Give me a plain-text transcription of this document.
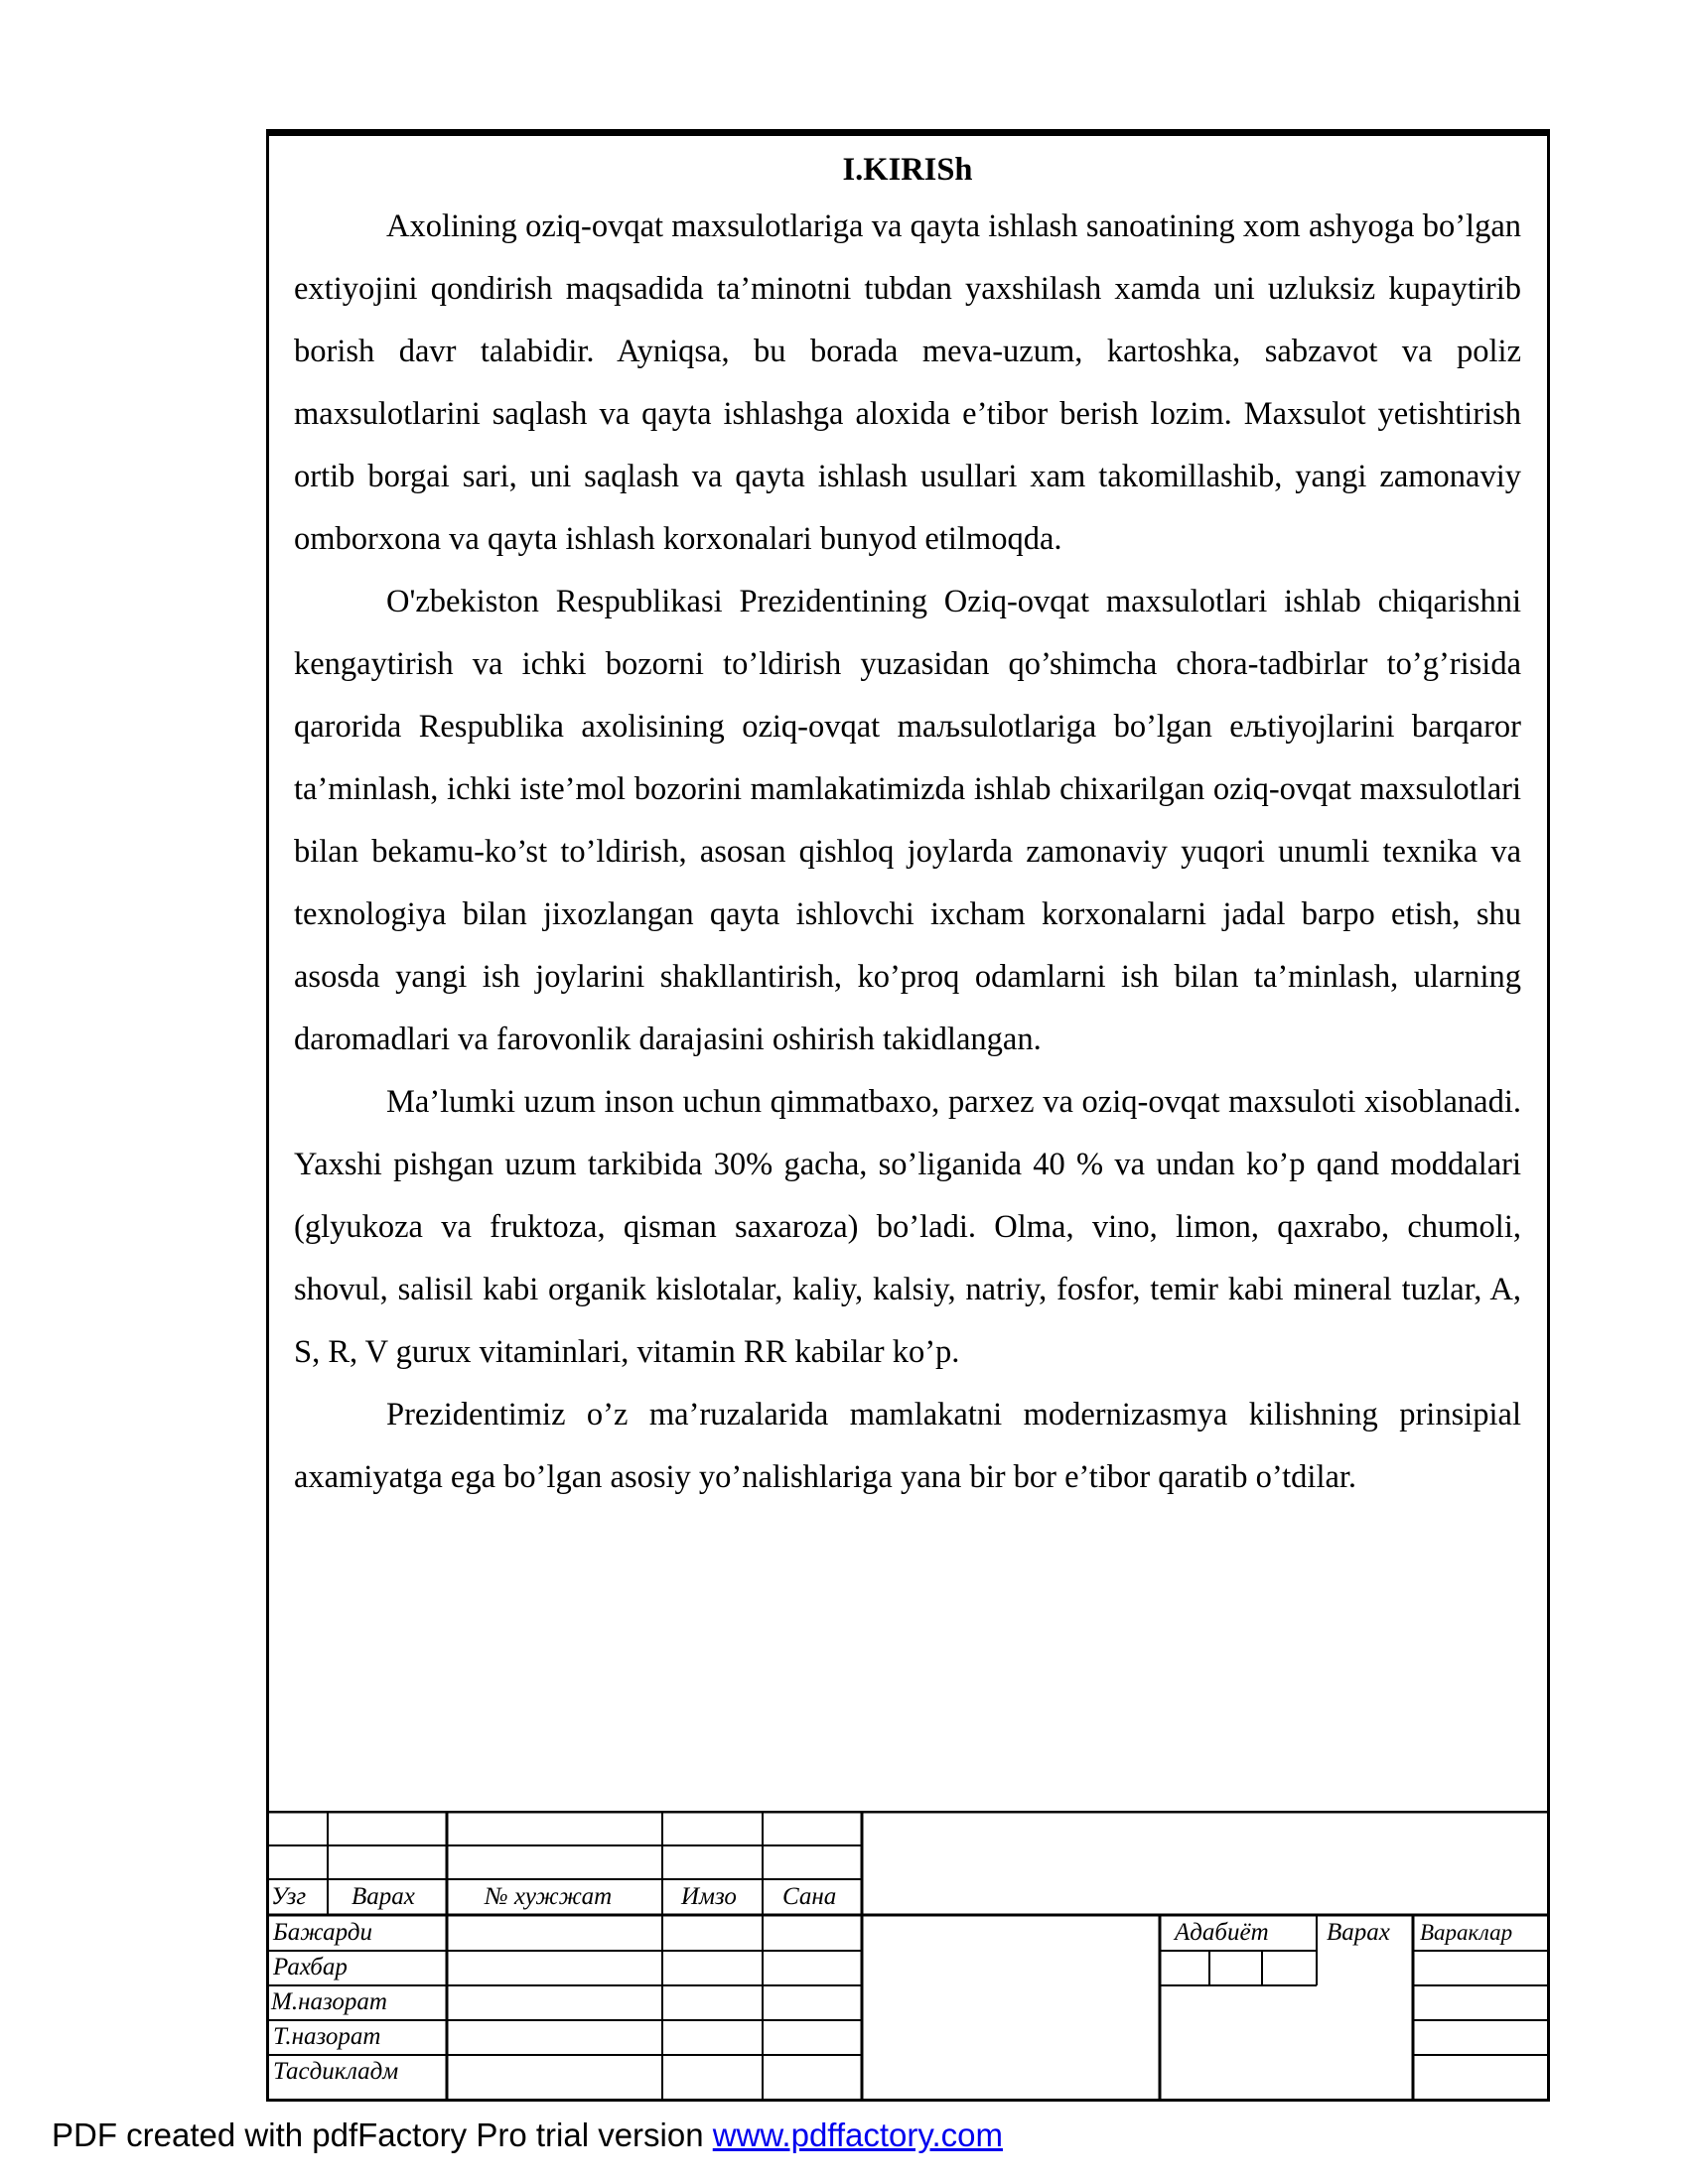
I.KIRISh

Axolining oziq-ovqat maxsulotlariga va qayta ishlash sanoatining xom ashyoga bo’lgan extiyojini qondirish maqsadida ta’minotni tubdan yaxshilash xamda uni uzluksiz kupaytirib borish davr talabidir. Ayniqsa, bu borada meva-uzum, kartoshka, sabzavot va poliz maxsulotlarini saqlash va qayta ishlashga aloxida e’tibor berish lozim. Maxsulot yetishtirish ortib borgai sari, uni saqlash va qayta ishlash usullari xam takomillashib, yangi zamonaviy omborxona va qayta ishlash korxonalari bunyod etilmoqda.

O'zbekiston Respublikasi Prezidentining Oziq-ovqat maxsulotlari ishlab chiqarishni kengaytirish va ichki bozorni to’ldirish yuzasidan qo’shimcha chora-tadbirlar to’g’risida qarorida Respublika axolisining oziq-ovqat maљsulotlariga bo’lgan eљtiyojlarini barqaror ta’minlash, ichki iste’mol bozorini mamlakatimizda ishlab chixarilgan oziq-ovqat maxsulotlari bilan bekamu-ko’st to’ldirish, asosan qishloq joylarda zamonaviy yuqori unumli texnika va texnologiya bilan jixozlangan qayta ishlovchi ixcham korxonalarni jadal barpo etish, shu asosda yangi ish joylarini shakllantirish, ko’proq odamlarni ish bilan ta’minlash, ularning daromadlari va farovonlik darajasini oshirish takidlangan.

Ma’lumki uzum inson uchun qimmatbaxo, parxez va oziq-ovqat maxsuloti xisoblanadi. Yaxshi pishgan uzum tarkibida 30% gacha, so’liganida 40 % va undan ko’p qand moddalari (glyukoza va fruktoza, qisman saxaroza) bo’ladi. Olma, vino, limon, qaxrabo, chumoli, shovul, salisil kabi organik kislotalar, kaliy, kalsiy, natriy, fosfor, temir kabi mineral tuzlar, A, S, R, V gurux vitaminlari, vitamin RR kabilar ko’p.

Prezidentimiz o’z ma’ruzalarida mamlakatni modernizasmya kilishning prinsipial axamiyatga ega bo’lgan asosiy yo’nalishlariga yana bir bor e’tibor qaratib o’tdilar.

Узг Варах	№ хужжат	Имзо Сана
Бажарди
Рахбар
М.назорат
Т.назорат
Тасдикладм
Адабиёт Варах Вараклар
PDF created with pdfFactory Pro trial version www.pdffactory.com
